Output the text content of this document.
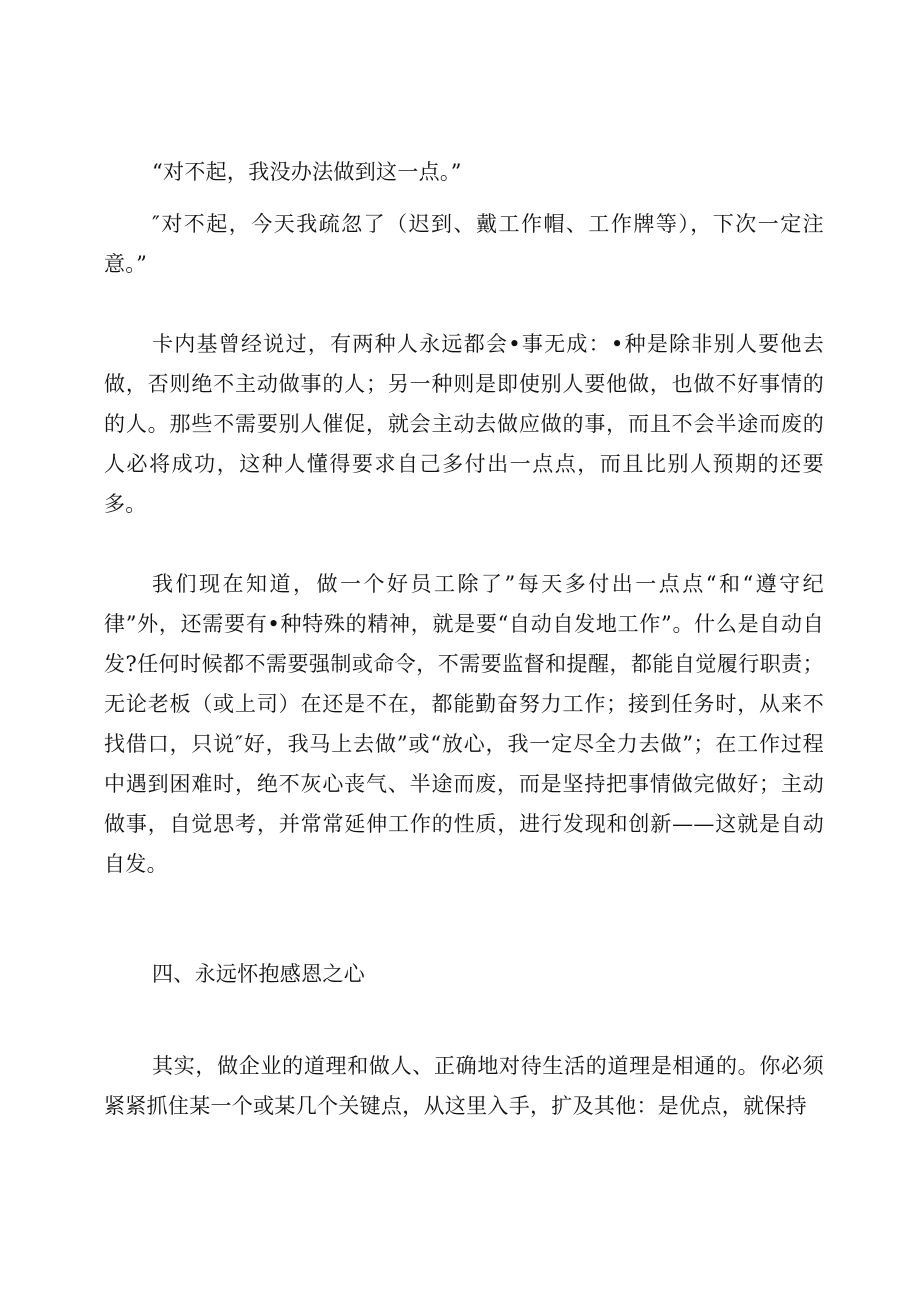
“对不起，我没办法做到这一点。”

″对不起，今天我疏忽了（迟到、戴工作帽、工作牌等），下次一定注意。”

卡内基曾经说过，有两种人永远都会•事无成：•种是除非别人要他去做，否则绝不主动做事的人；另一种则是即使别人要他做，也做不好事情的的人。那些不需要别人催促，就会主动去做应做的事，而且不会半途而废的人必将成功，这种人懂得要求自己多付出一点点，而且比别人预期的还要多。

我们现在知道，做一个好员工除了”每天多付出一点点“和“遵守纪律”外，还需要有•种特殊的精神，就是要“自动自发地工作”。什么是自动自发?任何时候都不需要强制或命令，不需要监督和提醒，都能自觉履行职责；无论老板（或上司）在还是不在，都能勤奋努力工作；接到任务时，从来不找借口，只说″好，我马上去做”或“放心，我一定尽全力去做”；在工作过程中遇到困难时，绝不灰心丧气、半途而废，而是坚持把事情做完做好；主动做事，自觉思考，并常常延伸工作的性质，进行发现和创新——这就是自动自发。

四、永远怀抱感恩之心

其实，做企业的道理和做人、正确地对待生活的道理是相通的。你必须紧紧抓住某一个或某几个关键点，从这里入手，扩及其他：是优点，就保持
